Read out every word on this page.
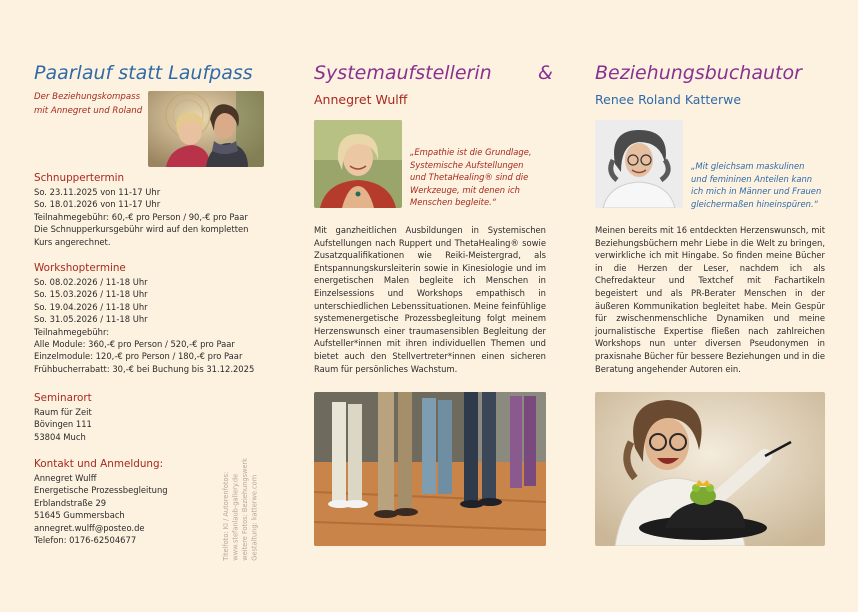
Paarlauf statt Laufpass
Der Beziehungskompass
mit Annegret und Roland
Schnuppertermin
So. 23.11.2025 von 11-17 Uhr
So. 18.01.2026 von 11-17 Uhr
Teilnahmegebühr: 60,-€ pro Person / 90,-€ pro Paar
Die Schnupperkursgebühr wird auf den kompletten
Kurs angerechnet.
Workshoptermine
So. 08.02.2026 / 11-18 Uhr
So. 15.03.2026 / 11-18 Uhr
So. 19.04.2026 / 11-18 Uhr
So. 31.05.2026 / 11-18 Uhr
Teilnahmegebühr:
Alle Module: 360,-€ pro Person / 520,-€ pro Paar
Einzelmodule: 120,-€ pro Person / 180,-€ pro Paar
Frühbucherrabatt: 30,-€ bei Buchung bis 31.12.2025
Seminarort
Raum für Zeit
Bövingen 111
53804 Much
Kontakt und Anmeldung:
Annegret Wulff
Energetische Prozessbegleitung
Erblandstraße 29
51645 Gummersbach
annegret.wulff@posteo.de
Telefon: 0176-62504677	Titelfoto: KI / Autorenfotos: www.stefanlaub-gallery.de weitere Fotos: Beziehungswerk Gestaltung: katterwe.com
Systemaufstellerin
Annegret Wulff
„Empathie ist die Grundlage,
Systemische Aufstellungen
und ThetaHealing® sind die
Werkzeuge, mit denen ich
Menschen begleite.“
Mit ganzheitlichen Ausbildungen in Systemischen Aufstellungen nach Ruppert und ThetaHealing® sowie Zusatzqualifikationen wie Reiki-Meistergrad, als Entspannungskursleiterin sowie in Kinesiologie und im energetischen Malen begleite ich Menschen in Einzelsessions und Workshops empathisch in unterschiedlichen Lebenssituationen. Meine feinfühlige systemenergetische Prozessbegleitung folgt meinem Herzenswunsch einer traumasensiblen Begleitung der Aufsteller*innen mit ihren individuellen Themen und bietet auch den Stellvertreter*innen einen sicheren Raum für persönliches Wachstum.
& Beziehungsbuchautor
Renee Roland Katterwe
„Mit gleichsam maskulinen
und femininen Anteilen kann
ich mich in Männer und Frauen
gleichermaßen hineinspüren.“
Meinen bereits mit 16 entdeckten Herzenswunsch, mit Beziehungsbüchern mehr Liebe in die Welt zu bringen, verwirkliche ich mit Hingabe. So finden meine Bücher in die Herzen der Leser, nachdem ich als Chefredakteur und Textchef mit Fachartikeln begeistert und als PR-Berater Menschen in der äußeren Kommunikation begleitet habe. Mein Gespür für zwischenmenschliche Dynamiken und meine journalistische Expertise fließen nach zahlreichen Workshops nun unter diversen Pseudonymen in praxisnahe Bücher für bessere Beziehungen und in die Beratung angehender Autoren ein.
